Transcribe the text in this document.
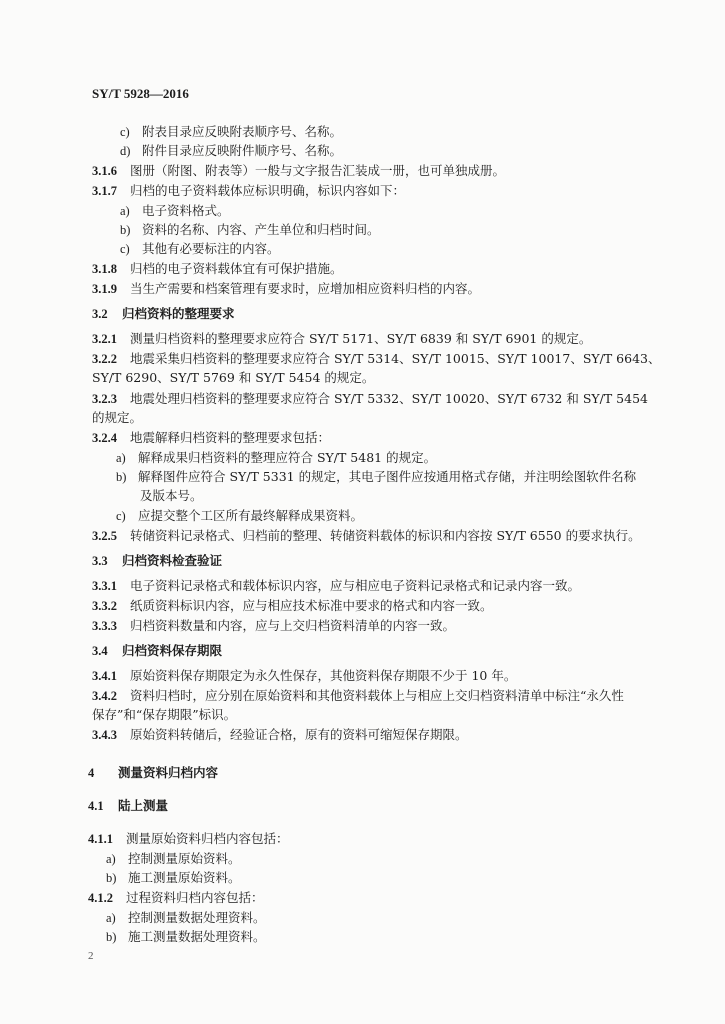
SY/T 5928—2016
c) 附表目录应反映附表顺序号、名称。
d) 附件目录应反映附件顺序号、名称。
3.1.6 图册（附图、附表等）一般与文字报告汇装成一册，也可单独成册。
3.1.7 归档的电子资料载体应标识明确，标识内容如下：
a) 电子资料格式。
b) 资料的名称、内容、产生单位和归档时间。
c) 其他有必要标注的内容。
3.1.8 归档的电子资料载体宜有可保护措施。
3.1.9 当生产需要和档案管理有要求时，应增加相应资料归档的内容。
3.2 归档资料的整理要求
3.2.1 测量归档资料的整理要求应符合 SY/T 5171、SY/T 6839 和 SY/T 6901 的规定。
3.2.2 地震采集归档资料的整理要求应符合 SY/T 5314、SY/T 10015、SY/T 10017、SY/T 6643、
SY/T 6290、SY/T 5769 和 SY/T 5454 的规定。
3.2.3 地震处理归档资料的整理要求应符合 SY/T 5332、SY/T 10020、SY/T 6732 和 SY/T 5454
的规定。
3.2.4 地震解释归档资料的整理要求包括：
a) 解释成果归档资料的整理应符合 SY/T 5481 的规定。
b) 解释图件应符合 SY/T 5331 的规定，其电子图件应按通用格式存储，并注明绘图软件名称
及版本号。
c) 应提交整个工区所有最终解释成果资料。
3.2.5 转储资料记录格式、归档前的整理、转储资料载体的标识和内容按 SY/T 6550 的要求执行。
3.3 归档资料检查验证
3.3.1 电子资料记录格式和载体标识内容，应与相应电子资料记录格式和记录内容一致。
3.3.2 纸质资料标识内容，应与相应技术标准中要求的格式和内容一致。
3.3.3 归档资料数量和内容，应与上交归档资料清单的内容一致。
3.4 归档资料保存期限
3.4.1 原始资料保存期限定为永久性保存，其他资料保存期限不少于 10 年。
3.4.2 资料归档时，应分别在原始资料和其他资料载体上与相应上交归档资料清单中标注“永久性
保存”和“保存期限”标识。
3.4.3 原始资料转储后，经验证合格，原有的资料可缩短保存期限。
4 测量资料归档内容
4.1 陆上测量
4.1.1 测量原始资料归档内容包括：
a) 控制测量原始资料。
b) 施工测量原始资料。
4.1.2 过程资料归档内容包括：
a) 控制测量数据处理资料。
b) 施工测量数据处理资料。
2
